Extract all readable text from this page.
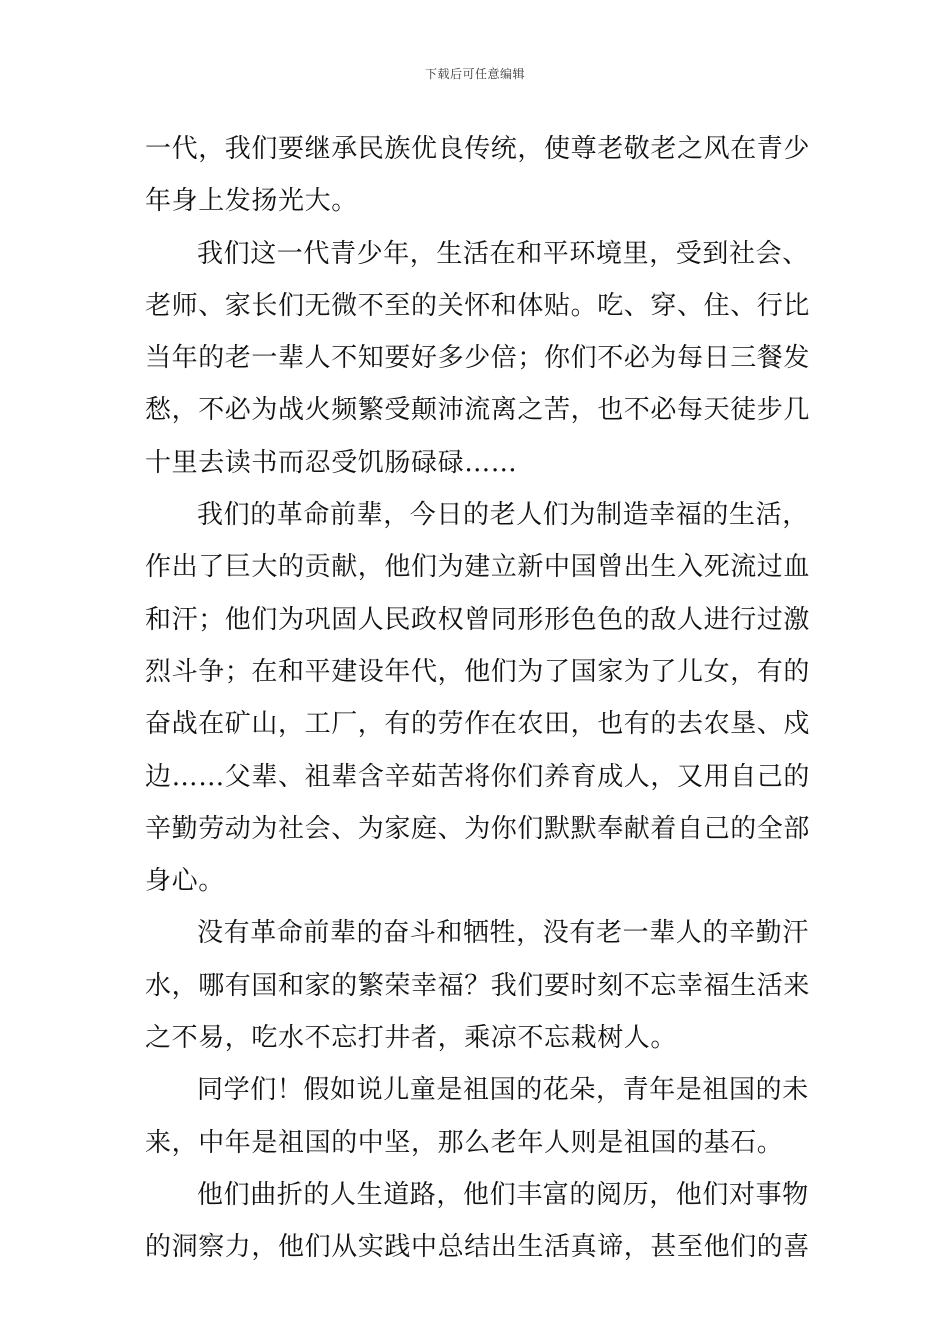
下载后可任意编辑
一代，我们要继承民族优良传统，使尊老敬老之风在青少
年身上发扬光大。
我们这一代青少年，生活在和平环境里，受到社会、
老师、家长们无微不至的关怀和体贴。吃、穿、住、行比
当年的老一辈人不知要好多少倍；你们不必为每日三餐发
愁，不必为战火频繁受颠沛流离之苦，也不必每天徒步几
十里去读书而忍受饥肠碌碌……
我们的革命前辈，今日的老人们为制造幸福的生活，
作出了巨大的贡献，他们为建立新中国曾出生入死流过血
和汗；他们为巩固人民政权曾同形形色色的敌人进行过激
烈斗争；在和平建设年代，他们为了国家为了儿女，有的
奋战在矿山，工厂，有的劳作在农田，也有的去农垦、戍
边……父辈、祖辈含辛茹苦将你们养育成人，又用自己的
辛勤劳动为社会、为家庭、为你们默默奉献着自己的全部
身心。
没有革命前辈的奋斗和牺牲，没有老一辈人的辛勤汗
水，哪有国和家的繁荣幸福？我们要时刻不忘幸福生活来
之不易，吃水不忘打井者，乘凉不忘栽树人。
同学们！假如说儿童是祖国的花朵，青年是祖国的未
来，中年是祖国的中坚，那么老年人则是祖国的基石。
他们曲折的人生道路，他们丰富的阅历，他们对事物
的洞察力，他们从实践中总结出生活真谛，甚至他们的喜
